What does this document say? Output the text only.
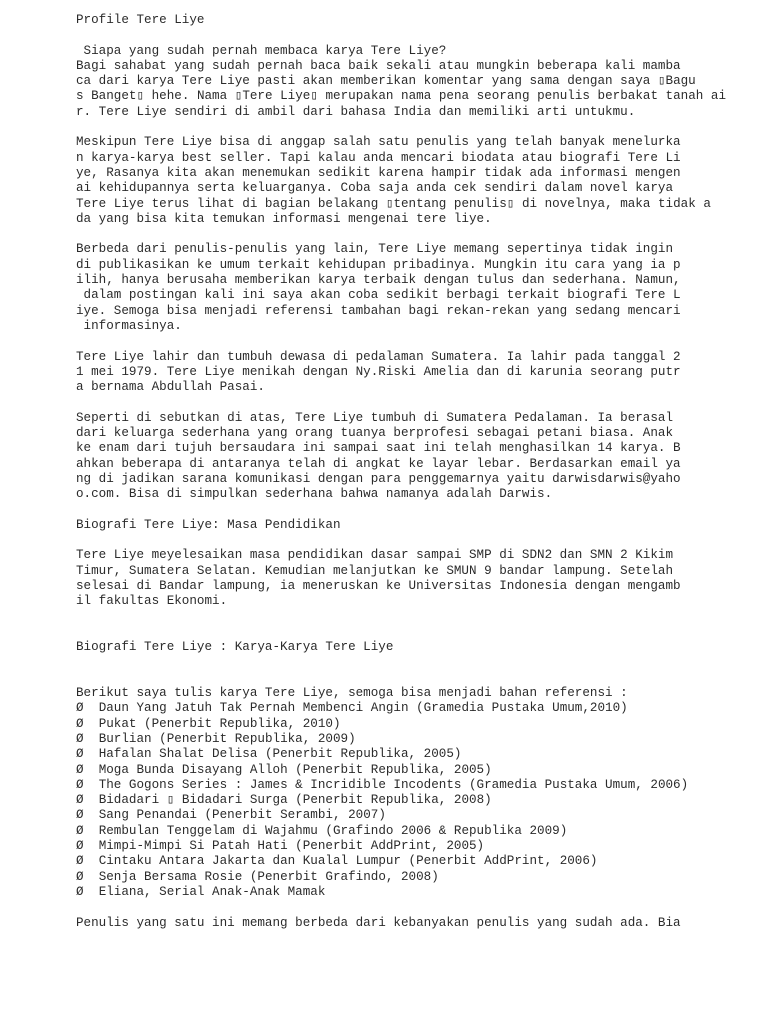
Profile Tere Liye
Siapa yang sudah pernah membaca karya Tere Liye?
Bagi sahabat yang sudah pernah baca baik sekali atau mungkin beberapa kali mamba
ca dari karya Tere Liye pasti akan memberikan komentar yang sama dengan saya ▯Bagu
s Banget▯ hehe. Nama ▯Tere Liye▯ merupakan nama pena seorang penulis berbakat tanah ai
r. Tere Liye sendiri di ambil dari bahasa India dan memiliki arti untukmu.
Meskipun Tere Liye bisa di anggap salah satu penulis yang telah banyak menelurka
n karya-karya best seller. Tapi kalau anda mencari biodata atau biografi Tere Li
ye, Rasanya kita akan menemukan sedikit karena hampir tidak ada informasi mengen
ai kehidupannya serta keluarganya. Coba saja anda cek sendiri dalam novel karya
Tere Liye terus lihat di bagian belakang ▯tentang penulis▯ di novelnya, maka tidak a
da yang bisa kita temukan informasi mengenai tere liye.
Berbeda dari penulis-penulis yang lain, Tere Liye memang sepertinya tidak ingin
di publikasikan ke umum terkait kehidupan pribadinya. Mungkin itu cara yang ia p
ilih, hanya berusaha memberikan karya terbaik dengan tulus dan sederhana. Namun,
dalam postingan kali ini saya akan coba sedikit berbagi terkait biografi Tere L
iye. Semoga bisa menjadi referensi tambahan bagi rekan-rekan yang sedang mencari
informasinya.
Tere Liye lahir dan tumbuh dewasa di pedalaman Sumatera. Ia lahir pada tanggal 2
1 mei 1979. Tere Liye menikah dengan Ny.Riski Amelia dan di karunia seorang putr
a bernama Abdullah Pasai.
Seperti di sebutkan di atas, Tere Liye tumbuh di Sumatera Pedalaman. Ia berasal
dari keluarga sederhana yang orang tuanya berprofesi sebagai petani biasa. Anak
ke enam dari tujuh bersaudara ini sampai saat ini telah menghasilkan 14 karya. B
ahkan beberapa di antaranya telah di angkat ke layar lebar. Berdasarkan email ya
ng di jadikan sarana komunikasi dengan para penggemarnya yaitu darwisdarwis@yaho
o.com. Bisa di simpulkan sederhana bahwa namanya adalah Darwis.
Biografi Tere Liye: Masa Pendidikan
Tere Liye meyelesaikan masa pendidikan dasar sampai SMP di SDN2 dan SMN 2 Kikim
Timur, Sumatera Selatan. Kemudian melanjutkan ke SMUN 9 bandar lampung. Setelah
selesai di Bandar lampung, ia meneruskan ke Universitas Indonesia dengan mengamb
il fakultas Ekonomi.
Biografi Tere Liye : Karya-Karya Tere Liye
Berikut saya tulis karya Tere Liye, semoga bisa menjadi bahan referensi :
Ø Daun Yang Jatuh Tak Pernah Membenci Angin (Gramedia Pustaka Umum,2010)
Ø Pukat (Penerbit Republika, 2010)
Ø Burlian (Penerbit Republika, 2009)
Ø Hafalan Shalat Delisa (Penerbit Republika, 2005)
Ø Moga Bunda Disayang Alloh (Penerbit Republika, 2005)
Ø The Gogons Series : James & Incridible Incodents (Gramedia Pustaka Umum, 2006)
Ø Bidadari ▯ Bidadari Surga (Penerbit Republika, 2008)
Ø Sang Penandai (Penerbit Serambi, 2007)
Ø Rembulan Tenggelam di Wajahmu (Grafindo 2006 & Republika 2009)
Ø Mimpi-Mimpi Si Patah Hati (Penerbit AddPrint, 2005)
Ø Cintaku Antara Jakarta dan Kualal Lumpur (Penerbit AddPrint, 2006)
Ø Senja Bersama Rosie (Penerbit Grafindo, 2008)
Ø Eliana, Serial Anak-Anak Mamak
Penulis yang satu ini memang berbeda dari kebanyakan penulis yang sudah ada. Bia
